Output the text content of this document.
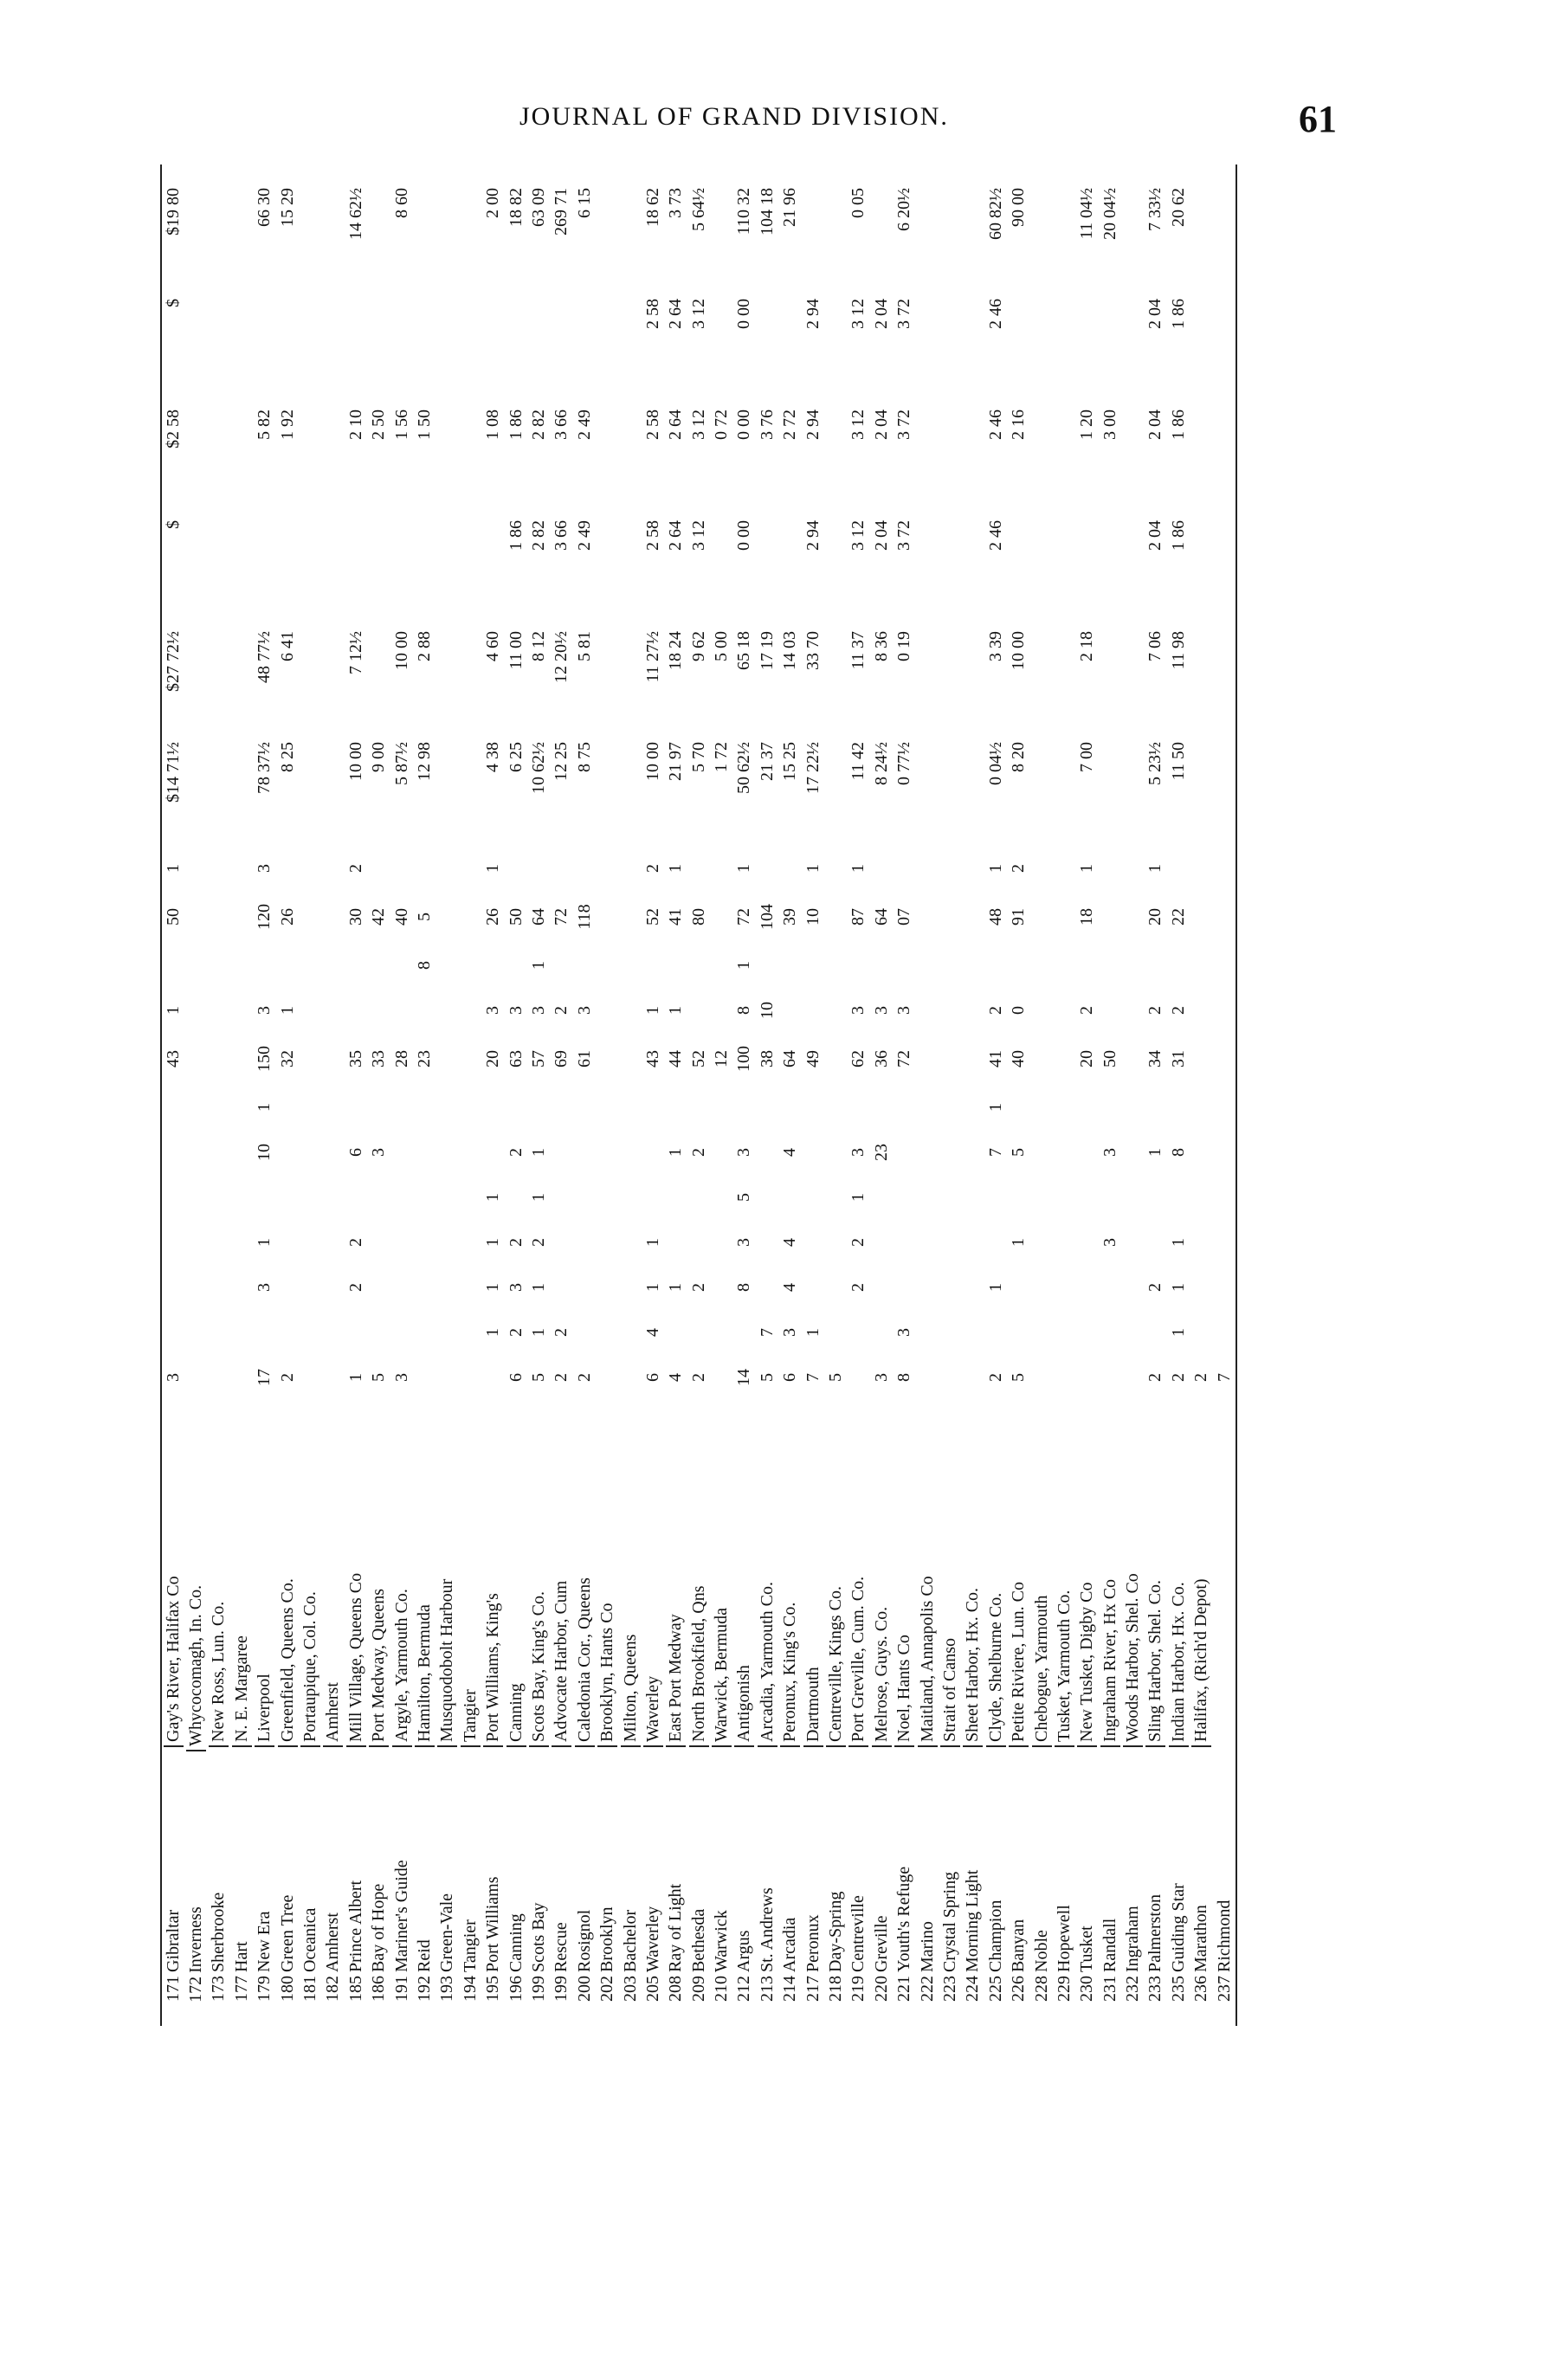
JOURNAL OF GRAND DIVISION.	61
171
Gibraltar
Gay's River, Halifax Co
3
43
1
50
1
$14 71½
$27 72½
$
$2 58
$
$19 80
172
Inverness
Whycocomagh, In. Co.
173
Sherbrooke
New Ross, Lun. Co.
177
Hart
N. E. Margaree
179
New Era
Liverpool
17
3
1
10
1
150
3
120
3
78 37½
48 77½
5 82
66 30
180
Green Tree
Greenfield, Queens Co.
2
32
1
26
8 25
6 41
1 92
15 29
181
Oceanica
Portaupique, Col. Co.
182
Amherst
Amherst
185
Prince Albert
Mill Village, Queens Co
1
2
2
6
35
30
2
10 00
7 12½
2 10
14 62½
186
Bay of Hope
Port Medway, Queens
5
3
33
42
9 00
2 50
191
Mariner's Guide
Argyle, Yarmouth Co.
3
28
40
5 87½
10 00
1 56
8 60
192
Reid
Hamilton, Bermuda
23
8
5
12 98
2 88
1 50
193
Green-Vale
Musquodobolt Harbour
194
Tangier
Tangier
195
Port Williams
Port Williams, King's
1
1
1
1
20
3
26
1
4 38
4 60
1 08
2 00
196
Canning
Canning
6
2
3
2
2
63
3
50
6 25
11 00
1 86
1 86
18 82
199
Scots Bay
Scots Bay, King's Co.
5
1
1
2
1
1
57
3
1
64
10 62½
8 12
2 82
2 82
63 09
199
Rescue
Advocate Harbor, Cum
2
2
69
2
72
12 25
12 20½
3 66
3 66
269 71
200
Rosignol
Caledonia Cor., Queens
2
61
3
118
8 75
5 81
2 49
2 49
6 15
202
Brooklyn
Brooklyn, Hants Co
203
Bachelor
Milton, Queens
205
Waverley
Waverley
6
4
1
1
43
1
52
2
10 00
11 27½
2 58
2 58
2 58
18 62
208
Ray of Light
East Port Medway
4
1
1
44
1
41
1
21 97
18 24
2 64
2 64
2 64
3 73
209
Bethesda
North Brookfield, Qns
2
2
2
52
80
5 70
9 62
3 12
3 12
3 12
5 64½
210
Warwick
Warwick, Bermuda
12
1 72
5 00
0 72
212
Argus
Antigonish
14
8
3
5
3
100
8
1
72
1
50 62½
65 18
0 00
0 00
0 00
110 32
213
St. Andrews
Arcadia, Yarmouth Co.
5
7
38
10
104
21 37
17 19
3 76
104 18
214
Arcadia
Peronux, King's Co.
6
3
4
4
4
64
39
15 25
14 03
2 72
21 96
217
Peronux
Dartmouth
7
1
49
10
1
17 22½
33 70
2 94
2 94
2 94
218
Day-Spring
Centreville, Kings Co.
5
219
Centreville
Port Greville, Cum. Co.
2
2
1
3
62
3
87
1
11 42
11 37
3 12
3 12
3 12
0 05
220
Greville
Melrose, Guys. Co.
3
23
36
3
64
8 24½
8 36
2 04
2 04
2 04
221
Youth's Refuge
Noel, Hants Co
8
3
72
3
07
0 77½
0 19
3 72
3 72
3 72
6 20½
222
Marino
Maitland, Annapolis Co
223
Crystal Spring
Strait of Canso
224
Morning Light
Sheet Harbor, Hx. Co.
225
Champion
Clyde, Shelburne Co.
2
1
7
1
41
2
48
1
0 04½
3 39
2 46
2 46
2 46
60 82½
226
Banyan
Petite Riviere, Lun. Co
5
1
5
40
0
91
2
8 20
10 00
2 16
90 00
228
Noble
Chebogue, Yarmouth
229
Hopewell
Tusket, Yarmouth Co.
230
Tusket
New Tusket, Digby Co
20
2
18
1
7 00
2 18
1 20
11 04½
231
Randall
Ingraham River, Hx Co
3
3
50
3 00
20 04½
232
Ingraham
Woods Harbor, Shel. Co
233
Palmerston
Sling Harbor, Shel. Co.
2
2
1
34
2
20
1
5 23½
7 06
2 04
2 04
2 04
7 33½
235
Guiding Star
Indian Harbor, Hx. Co.
2
1
1
1
8
31
2
22
11 50
11 98
1 86
1 86
1 86
20 62
236
Marathon
Halifax, (Rich'd Depot)
2
237
Richmond
7
